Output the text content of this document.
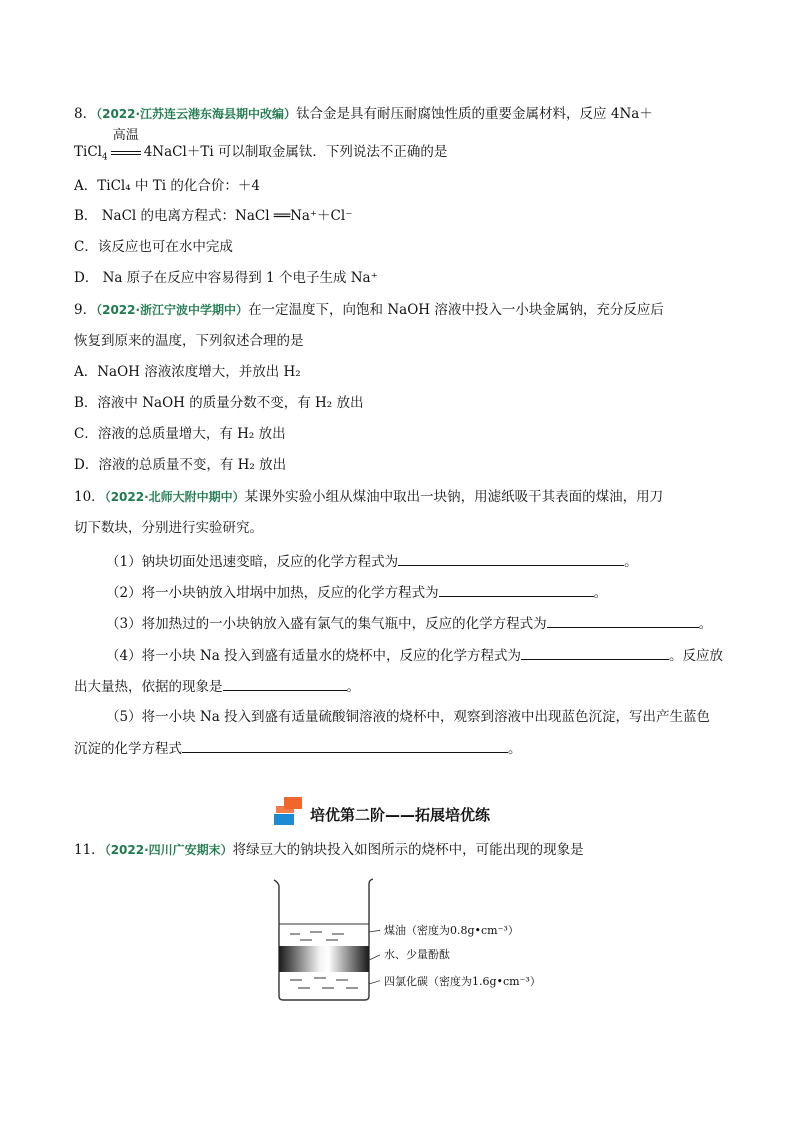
8．（2022·江苏连云港东海县期中改编）钛合金是具有耐压耐腐蚀性质的重要金属材料，反应 4Na＋
TiCl$_4$
高温
4NaCl＋Ti 可以制取金属钛．下列说法不正确的是
A．TiCl₄ 中 Ti 的化合价：＋4
B． NaCl 的电离方程式：NaCl ══Na⁺＋Cl⁻
C．该反应也可在水中完成
D． Na 原子在反应中容易得到 1 个电子生成 Na⁺
9．（2022·浙江宁波中学期中）在一定温度下，向饱和 NaOH 溶液中投入一小块金属钠，充分反应后
恢复到原来的温度，下列叙述合理的是
A．NaOH 溶液浓度增大，并放出 H₂
B．溶液中 NaOH 的质量分数不变，有 H₂ 放出
C．溶液的总质量增大，有 H₂ 放出
D．溶液的总质量不变，有 H₂ 放出
10．（2022·北师大附中期中）某课外实验小组从煤油中取出一块钠，用滤纸吸干其表面的煤油，用刀
切下数块，分别进行实验研究。
（1）钠块切面处迅速变暗，反应的化学方程式为	。
（2）将一小块钠放入坩埚中加热，反应的化学方程式为	。
（3）将加热过的一小块钠放入盛有氯气的集气瓶中，反应的化学方程式为	。
（4）将一小块 Na 投入到盛有适量水的烧杯中，反应的化学方程式为	。反应放
出大量热，依据的现象是	。
（5）将一小块 Na 投入到盛有适量硫酸铜溶液的烧杯中，观察到溶液中出现蓝色沉淀，写出产生蓝色
沉淀的化学方程式	。
培优第二阶——拓展培优练
11．（2022·四川广安期末）将绿豆大的钠块投入如图所示的烧杯中，可能出现的现象是
煤油（密度为0.8g•cm⁻³）
水、少量酚酞
四氯化碳（密度为1.6g•cm⁻³）
